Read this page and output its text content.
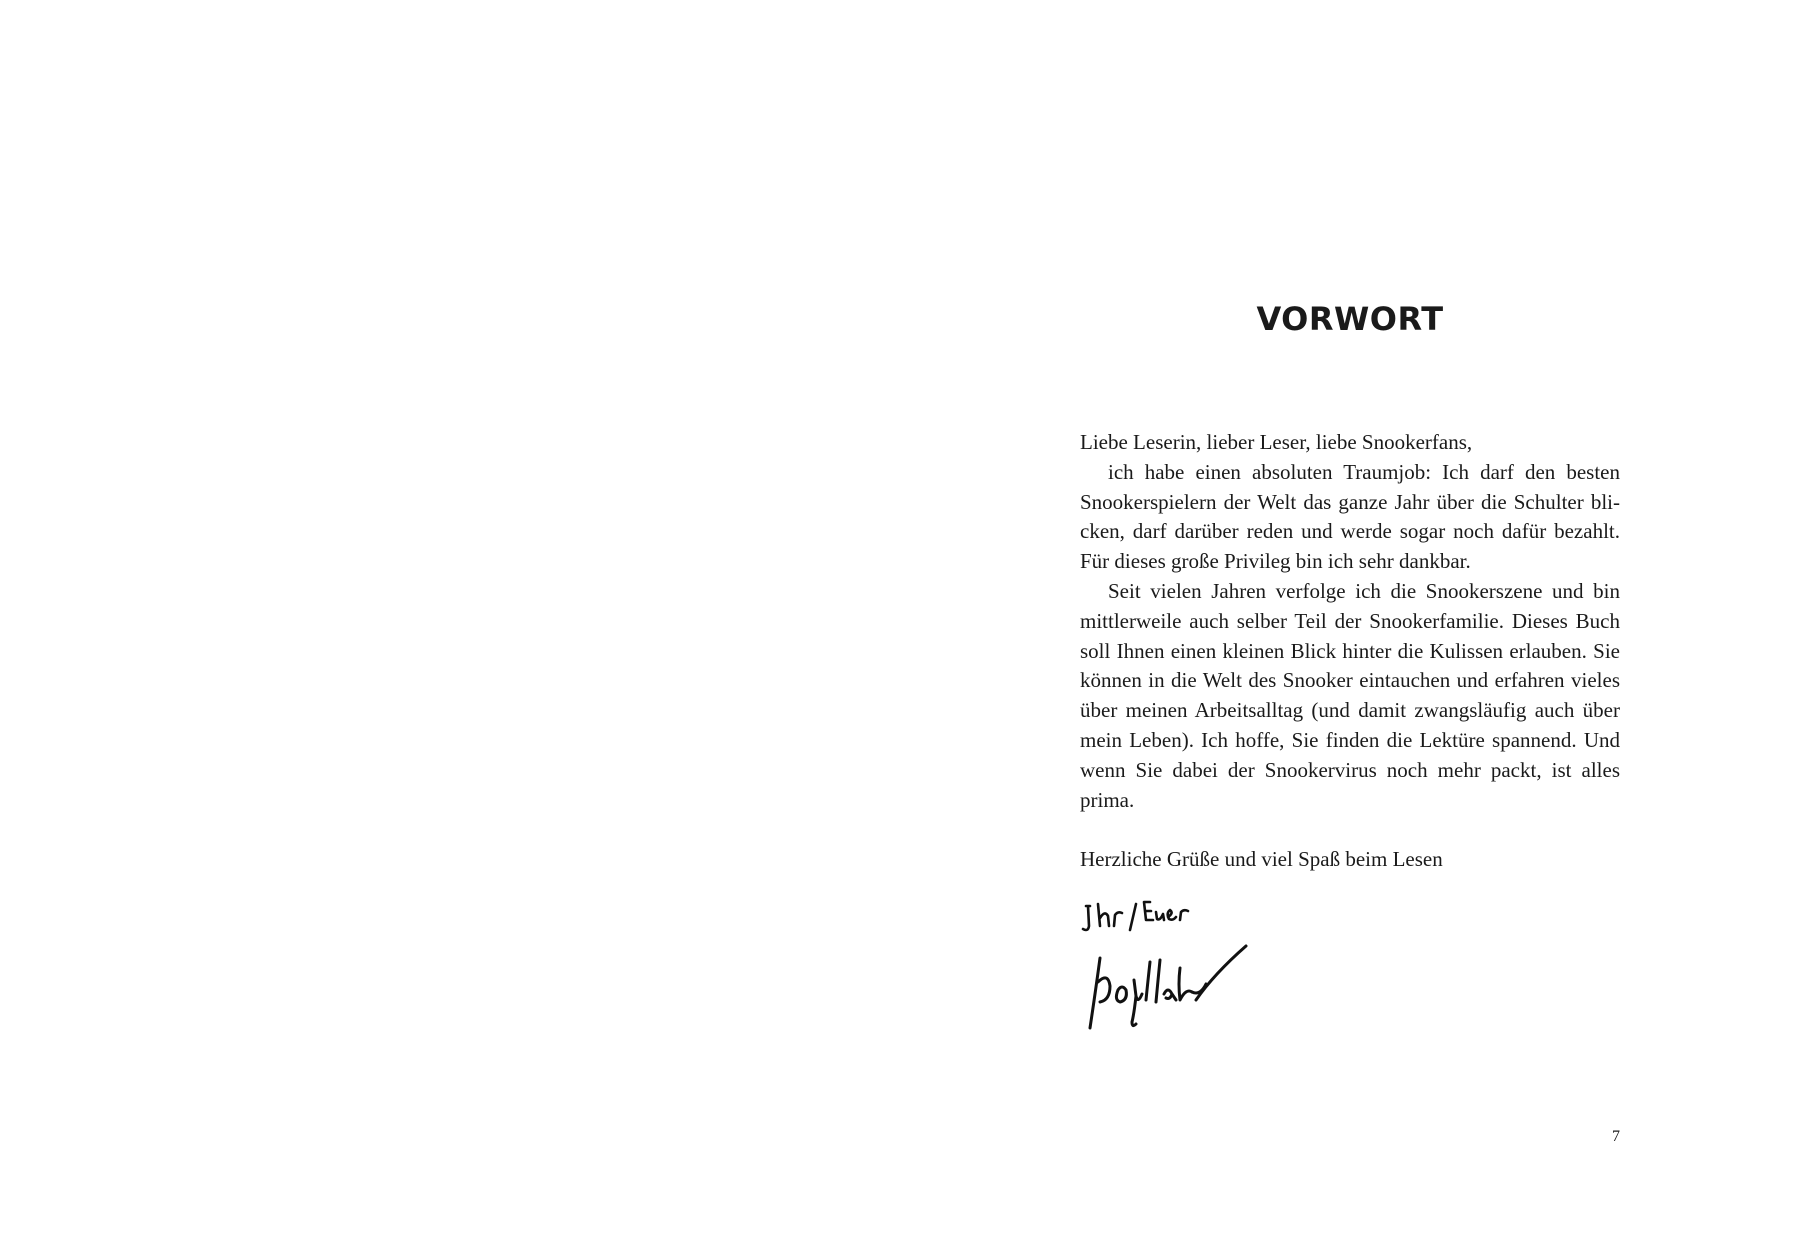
VORWORT

Liebe Leserin, lieber Leser, liebe Snookerfans,

ich habe einen absoluten Traumjob: Ich darf den besten Snookerspielern der Welt das ganze Jahr über die Schulter blicken, darf darüber reden und werde sogar noch dafür bezahlt. Für dieses große Privileg bin ich sehr dankbar.

Seit vielen Jahren verfolge ich die Snookerszene und bin mittlerweile auch selber Teil der Snookerfamilie. Dieses Buch soll Ihnen einen kleinen Blick hinter die Kulissen erlauben. Sie können in die Welt des Snooker eintauchen und erfahren vieles über meinen Arbeitsalltag (und damit zwangsläufig auch über mein Leben). Ich hoffe, Sie finden die Lektüre spannend. Und wenn Sie dabei der Snookervirus noch mehr packt, ist alles prima.

Herzliche Grüße und viel Spaß beim Lesen

7
